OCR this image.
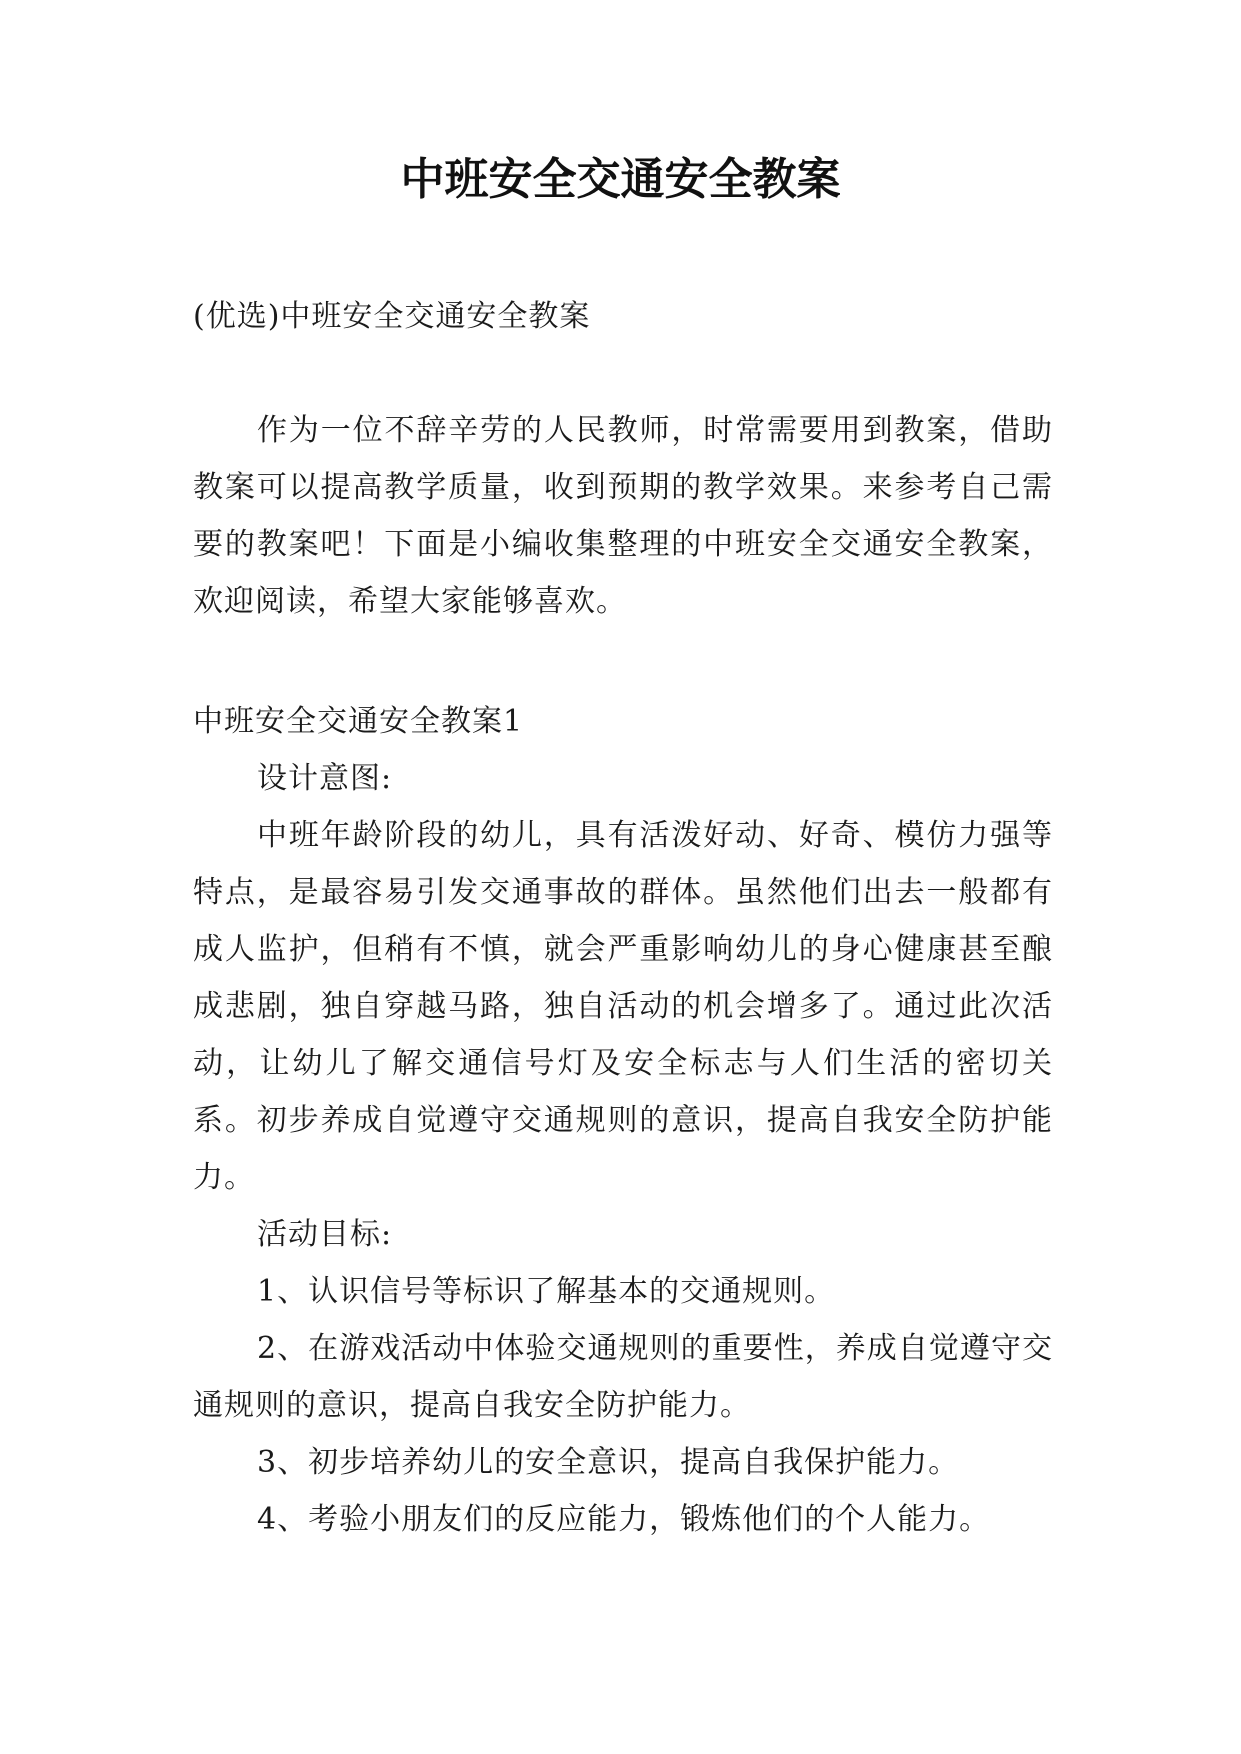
中班安全交通安全教案

(优选)中班安全交通安全教案

作为一位不辞辛劳的人民教师，时常需要用到教案，借助教案可以提高教学质量，收到预期的教学效果。来参考自己需要的教案吧！下面是小编收集整理的中班安全交通安全教案，欢迎阅读，希望大家能够喜欢。

中班安全交通安全教案1

设计意图:

中班年龄阶段的幼儿，具有活泼好动、好奇、模仿力强等特点，是最容易引发交通事故的群体。虽然他们出去一般都有成人监护，但稍有不慎，就会严重影响幼儿的身心健康甚至酿成悲剧，独自穿越马路，独自活动的机会增多了。通过此次活动，让幼儿了解交通信号灯及安全标志与人们生活的密切关系。初步养成自觉遵守交通规则的意识，提高自我安全防护能力。

活动目标:

1、认识信号等标识了解基本的交通规则。

2、在游戏活动中体验交通规则的重要性，养成自觉遵守交通规则的意识，提高自我安全防护能力。

3、初步培养幼儿的安全意识，提高自我保护能力。

4、考验小朋友们的反应能力，锻炼他们的个人能力。
